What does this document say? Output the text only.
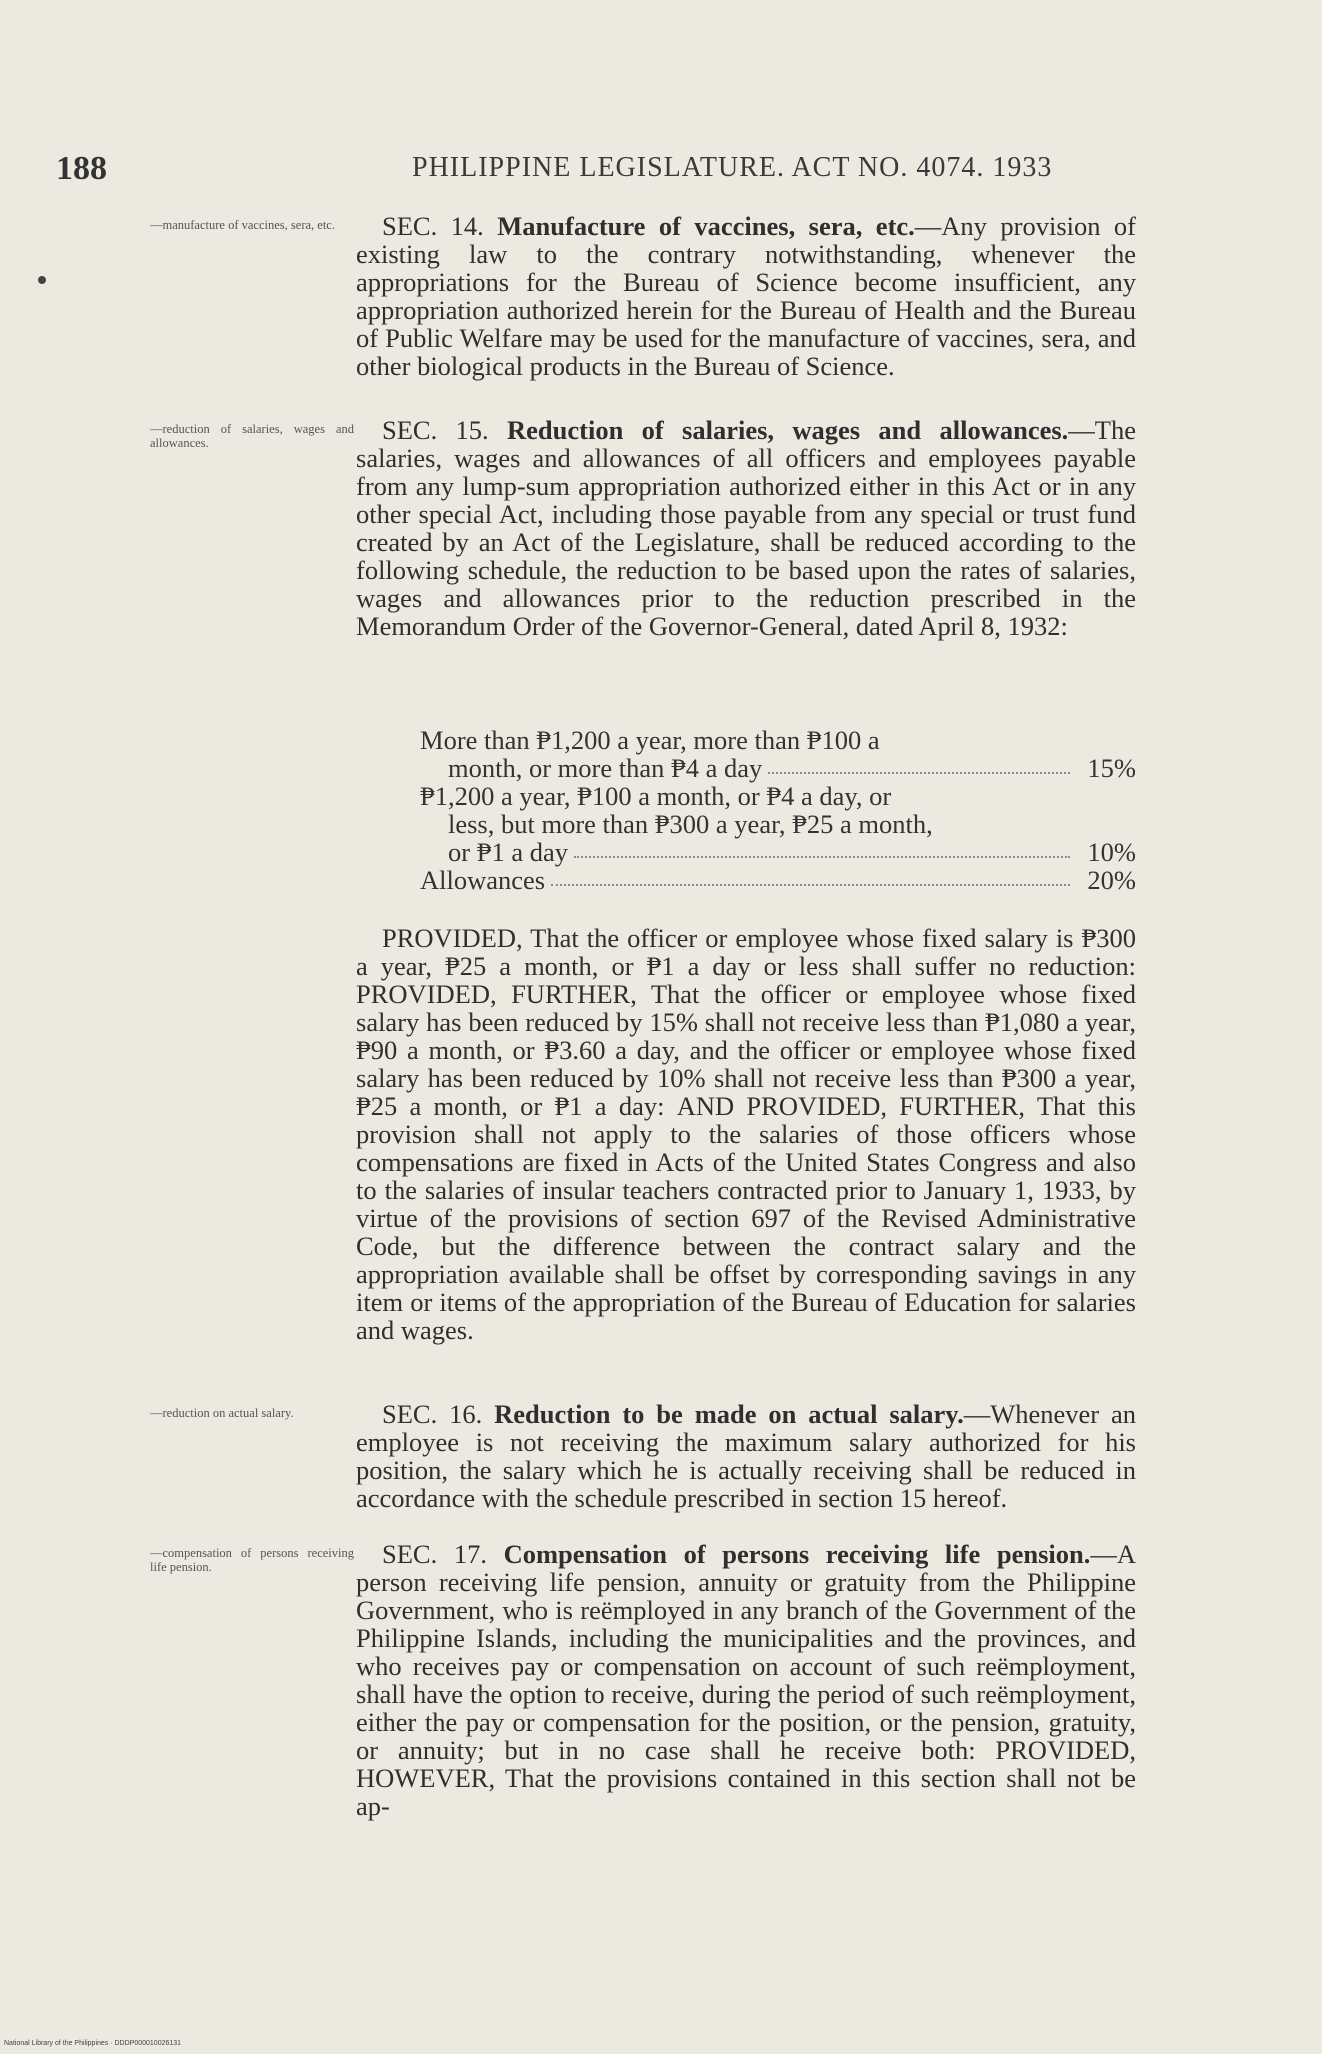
188	PHILIPPINE LEGISLATURE. ACT NO. 4074. 1933
—manufacture of vaccines, sera, etc.
—reduction of salaries, wages and allowances.
—reduction on actual salary.
—compensation of persons receiving life pension.

SEC. 14. Manufacture of vaccines, sera, etc.—Any provision of existing law to the contrary notwithstanding, whenever the appropriations for the Bureau of Science become insufficient, any appropriation authorized herein for the Bureau of Health and the Bureau of Public Welfare may be used for the manufacture of vaccines, sera, and other biological products in the Bureau of Science.

SEC. 15. Reduction of salaries, wages and allowances.—The salaries, wages and allowances of all officers and employees payable from any lump-sum appropriation authorized either in this Act or in any other special Act, including those payable from any special or trust fund created by an Act of the Legislature, shall be reduced according to the following schedule, the reduction to be based upon the rates of salaries, wages and allowances prior to the reduction prescribed in the Memorandum Order of the Governor-General, dated April 8, 1932:

More than ₱1,200 a year, more than ₱100 a
month, or more than ₱4 a day	15%
₱1,200 a year, ₱100 a month, or ₱4 a day, or
less, but more than ₱300 a year, ₱25 a month,
or ₱1 a day	10%
Allowances	20%

PROVIDED, That the officer or employee whose fixed salary is ₱300 a year, ₱25 a month, or ₱1 a day or less shall suffer no reduction: PROVIDED, FURTHER, That the officer or employee whose fixed salary has been reduced by 15% shall not receive less than ₱1,080 a year, ₱90 a month, or ₱3.60 a day, and the officer or employee whose fixed salary has been reduced by 10% shall not receive less than ₱300 a year, ₱25 a month, or ₱1 a day: AND PROVIDED, FURTHER, That this provision shall not apply to the salaries of those officers whose compensations are fixed in Acts of the United States Congress and also to the salaries of insular teachers contracted prior to January 1, 1933, by virtue of the provisions of section 697 of the Revised Administrative Code, but the difference between the contract salary and the appropriation available shall be offset by corresponding savings in any item or items of the appropriation of the Bureau of Education for salaries and wages.

SEC. 16. Reduction to be made on actual salary.—Whenever an employee is not receiving the maximum salary authorized for his position, the salary which he is actually receiving shall be reduced in accordance with the schedule prescribed in section 15 hereof.

SEC. 17. Compensation of persons receiving life pension.—A person receiving life pension, annuity or gratuity from the Philippine Government, who is reëmployed in any branch of the Government of the Philippine Islands, including the municipalities and the provinces, and who receives pay or compensation on account of such reëmployment, shall have the option to receive, during the period of such reëmployment, either the pay or compensation for the position, or the pension, gratuity, or annuity; but in no case shall he receive both: PROVIDED, HOWEVER, That the provisions contained in this section shall not be ap-

National Library of the Philippines · DDDP000010026131
